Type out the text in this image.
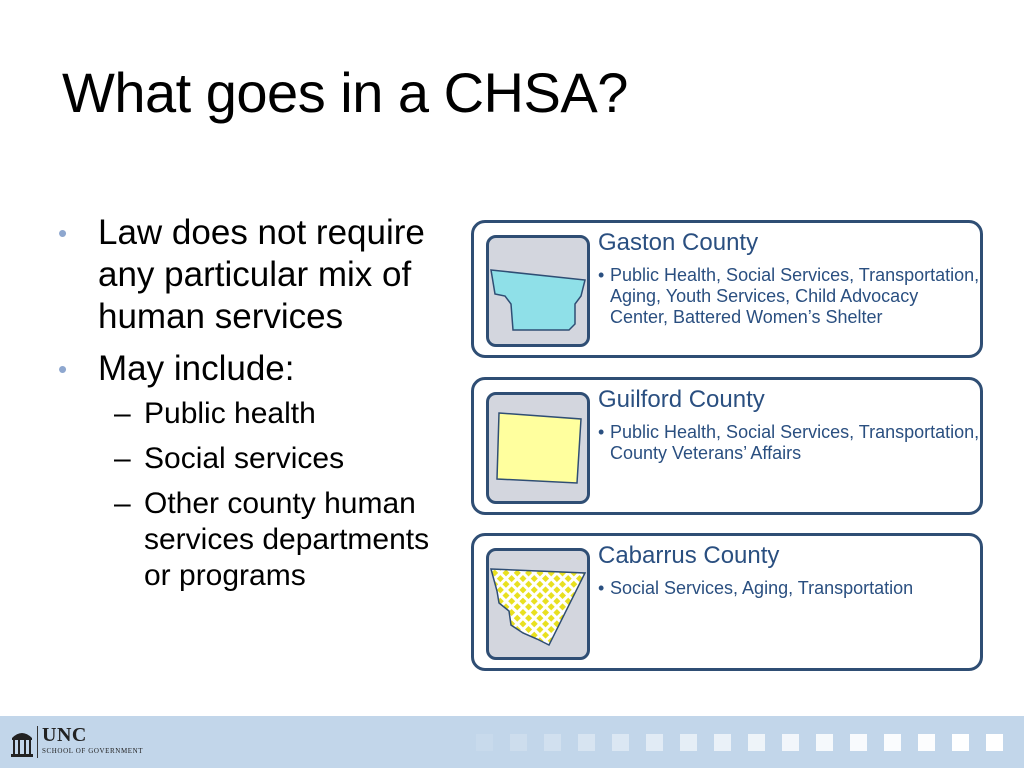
What goes in a CHSA?
• Law does not require any particular mix of human services
• May include:
– Public health
– Social services
– Other county human services departments or programs
Gaston County
• Public Health, Social Services, Transportation, Aging, Youth Services, Child Advocacy Center, Battered Women’s Shelter
Guilford County
• Public Health, Social Services, Transportation, County Veterans’ Affairs
Cabarrus County
• Social Services, Aging, Transportation
UNC
SCHOOL OF GOVERNMENT
